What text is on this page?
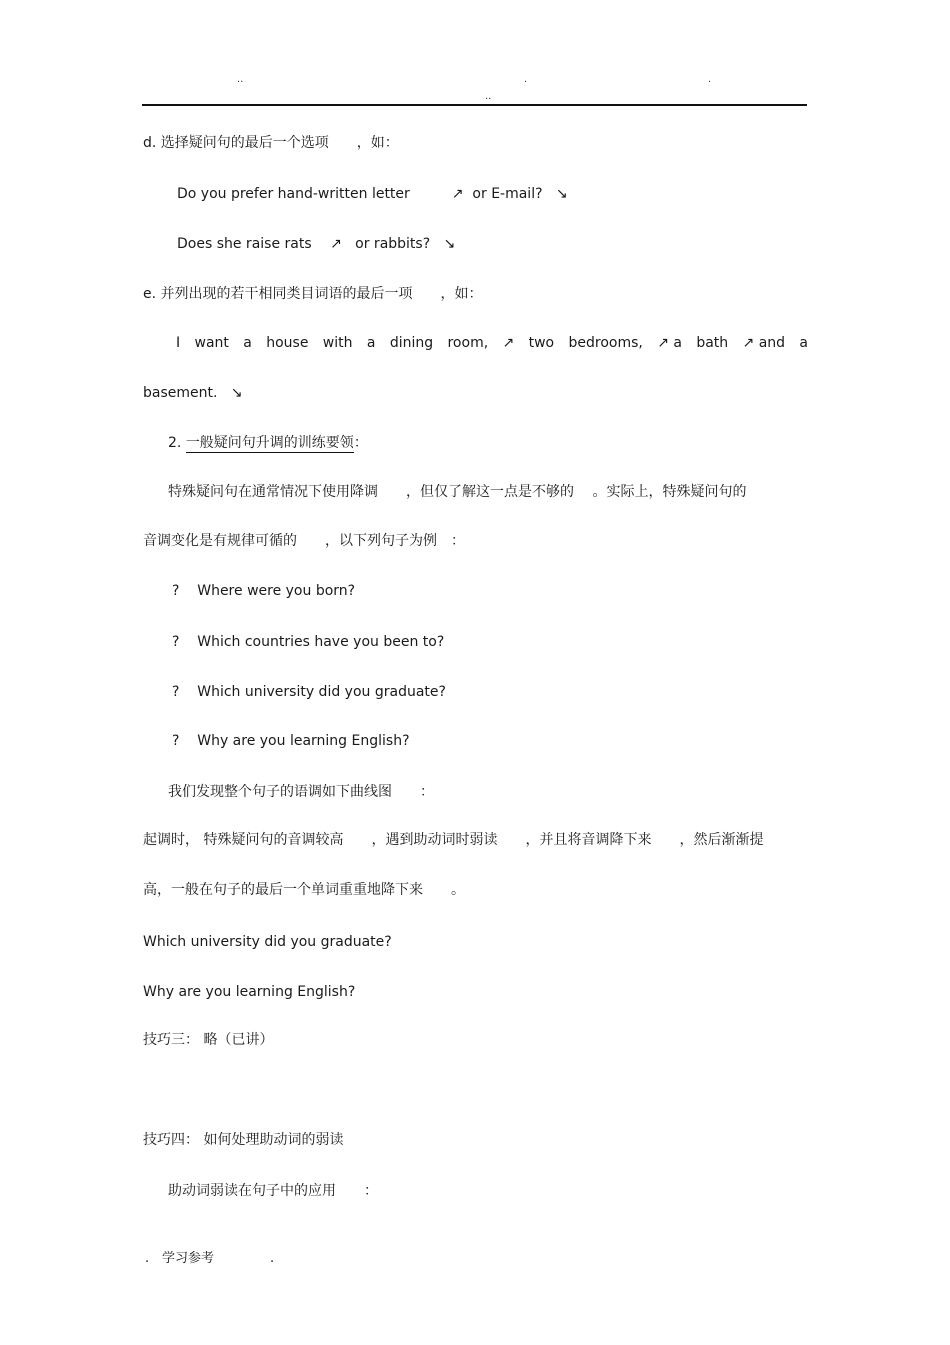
..	.	.
..
d. 选择疑问句的最后一个选项　　，如：
Do you prefer hand-written letter　　　↗  or E-mail?   ↘
Does she raise rats　 ↗   or rabbits?   ↘
e. 并列出现的若干相同类目词语的最后一项　　，如：
I want a house with a dining room, ↗ two bedrooms, ↗ a bath ↗ and a
basement.   ↘
2. 一般疑问句升调的训练要领：
特殊疑问句在通常情况下使用降调　　，但仅了解这一点是不够的　 。实际上，特殊疑问句的
音调变化是有规律可循的　　，以下列句子为例　：
?    Where were you born?
?    Which countries have you been to?
?    Which university did you graduate?
?    Why are you learning English?
我们发现整个句子的语调如下曲线图　　：
起调时， 特殊疑问句的音调较高　　，遇到助动词时弱读　　，并且将音调降下来　　，然后渐渐提
高，一般在句子的最后一个单词重重地降下来　　。
Which university did you graduate?
Why are you learning English?
技巧三： 略（已讲）
技巧四： 如何处理助动词的弱读
助动词弱读在句子中的应用　　：
. 学习参考	.
